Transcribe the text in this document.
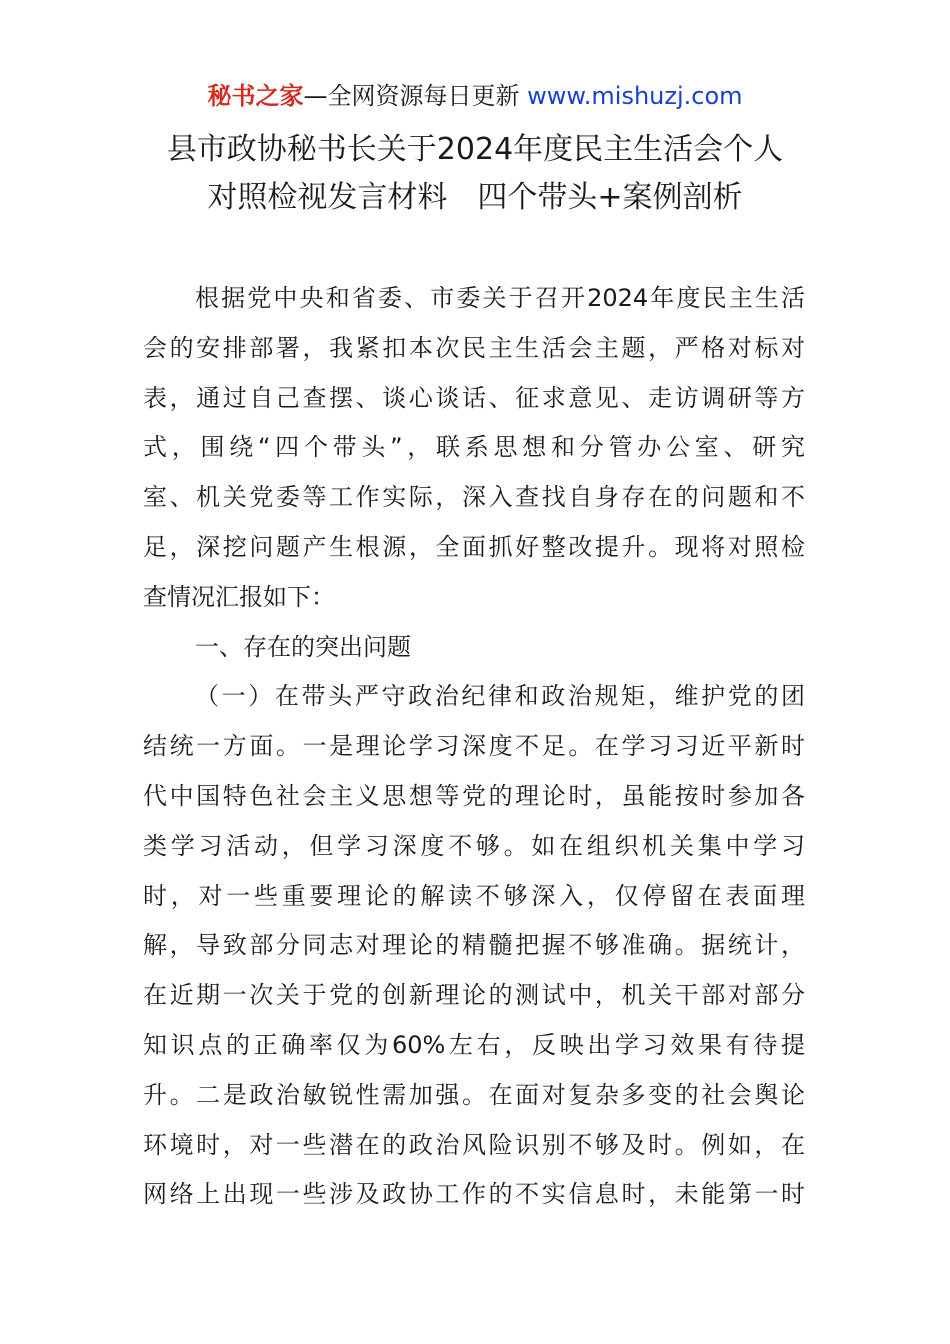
秘书之家—全网资源每日更新 www.mishuzj.com
县市政协秘书长关于2024年度民主生活会个人
对照检视发言材料　四个带头+案例剖析
根据党中央和省委、市委关于召开2024年度民主生活
会的安排部署，我紧扣本次民主生活会主题，严格对标对
表，通过自己查摆、谈心谈话、征求意见、走访调研等方
式，围绕“四个带头”，联系思想和分管办公室、研究
室、机关党委等工作实际，深入查找自身存在的问题和不
足，深挖问题产生根源，全面抓好整改提升。现将对照检
查情况汇报如下：
一、存在的突出问题
（一）在带头严守政治纪律和政治规矩，维护党的团
结统一方面。一是理论学习深度不足。在学习习近平新时
代中国特色社会主义思想等党的理论时，虽能按时参加各
类学习活动，但学习深度不够。如在组织机关集中学习
时，对一些重要理论的解读不够深入，仅停留在表面理
解，导致部分同志对理论的精髓把握不够准确。据统计，
在近期一次关于党的创新理论的测试中，机关干部对部分
知识点的正确率仅为60%左右，反映出学习效果有待提
升。二是政治敏锐性需加强。在面对复杂多变的社会舆论
环境时，对一些潜在的政治风险识别不够及时。例如，在
网络上出现一些涉及政协工作的不实信息时，未能第一时
